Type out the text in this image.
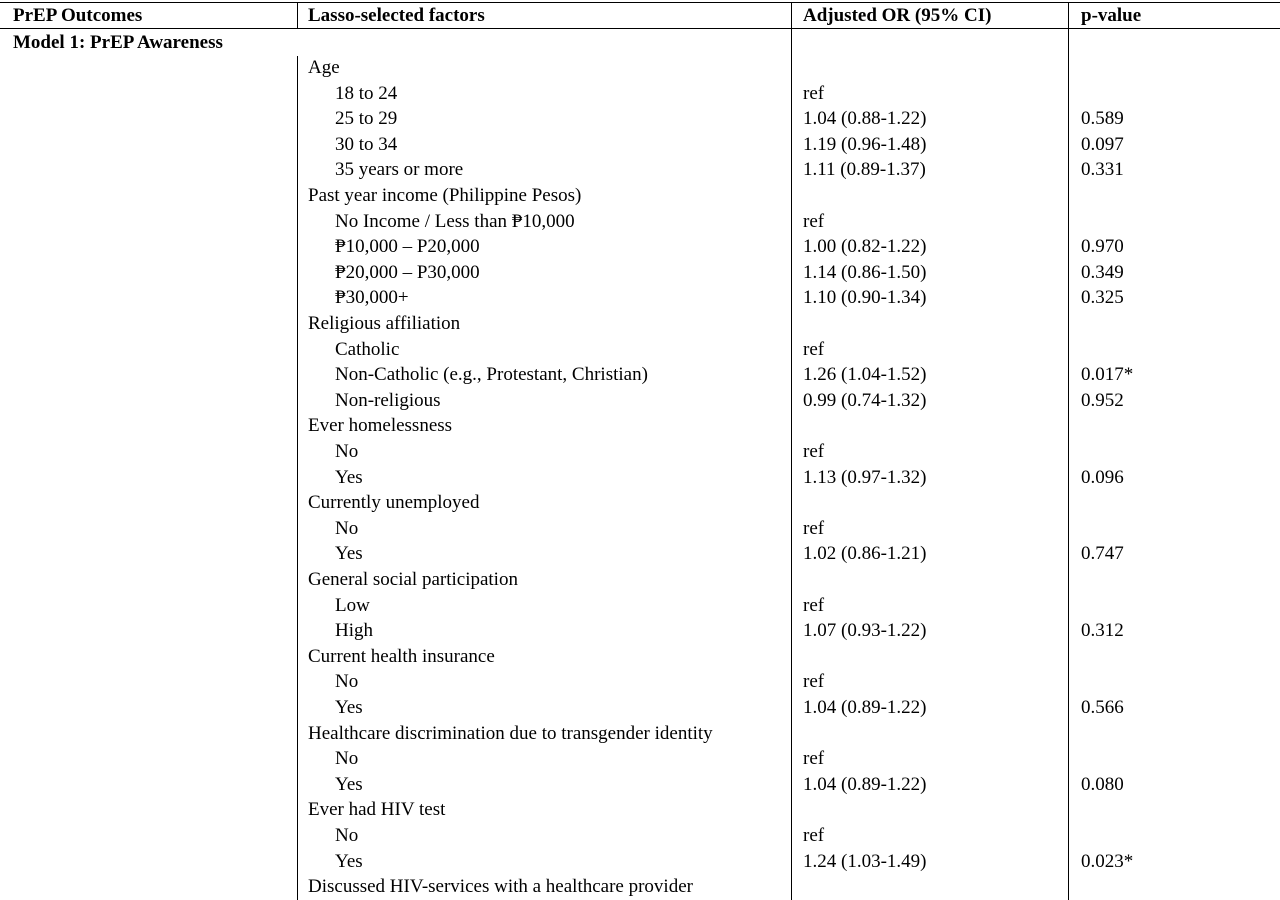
PrEP Outcomes	Lasso-selected factors	Adjusted OR (95% CI)	p-value
Model 1: PrEP Awareness
Age
18 to 24	ref
25 to 29	1.04 (0.88-1.22)	0.589
30 to 34	1.19 (0.96-1.48)	0.097
35 years or more	1.11 (0.89-1.37)	0.331
Past year income (Philippine Pesos)
No Income / Less than ₱10,000	ref
₱10,000 – P20,000	1.00 (0.82-1.22)	0.970
₱20,000 – P30,000	1.14 (0.86-1.50)	0.349
₱30,000+	1.10 (0.90-1.34)	0.325
Religious affiliation
Catholic	ref
Non-Catholic (e.g., Protestant, Christian)	1.26 (1.04-1.52)	0.017*
Non-religious	0.99 (0.74-1.32)	0.952
Ever homelessness
No	ref
Yes	1.13 (0.97-1.32)	0.096
Currently unemployed
No	ref
Yes	1.02 (0.86-1.21)	0.747
General social participation
Low	ref
High	1.07 (0.93-1.22)	0.312
Current health insurance
No	ref
Yes	1.04 (0.89-1.22)	0.566
Healthcare discrimination due to transgender identity
No	ref
Yes	1.04 (0.89-1.22)	0.080
Ever had HIV test
No	ref
Yes	1.24 (1.03-1.49)	0.023*
Discussed HIV-services with a healthcare provider
